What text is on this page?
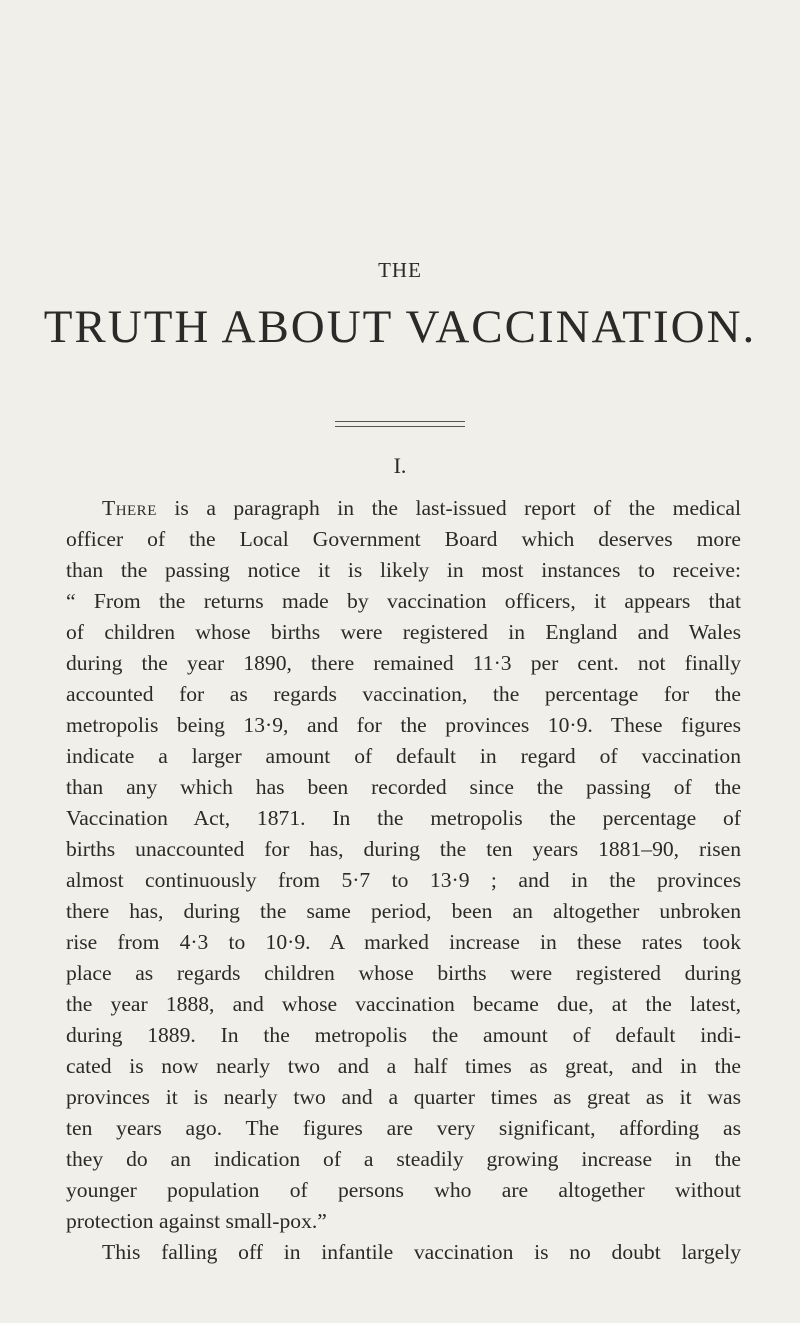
THE
TRUTH ABOUT VACCINATION.
I.
There is a paragraph in the last-issued report of the medical
officer of the Local Government Board which deserves more
than the passing notice it is likely in most instances to receive:
“ From the returns made by vaccination officers, it appears that
of children whose births were registered in England and Wales
during the year 1890, there remained 11·3 per cent. not finally
accounted for as regards vaccination, the percentage for the
metropolis being 13·9, and for the provinces 10·9. These figures
indicate a larger amount of default in regard of vaccination
than any which has been recorded since the passing of the
Vaccination Act, 1871. In the metropolis the percentage of
births unaccounted for has, during the ten years 1881–90, risen
almost continuously from 5·7 to 13·9 ; and in the provinces
there has, during the same period, been an altogether unbroken
rise from 4·3 to 10·9. A marked increase in these rates took
place as regards children whose births were registered during
the year 1888, and whose vaccination became due, at the latest,
during 1889. In the metropolis the amount of default indi-
cated is now nearly two and a half times as great, and in the
provinces it is nearly two and a quarter times as great as it was
ten years ago. The figures are very significant, affording as
they do an indication of a steadily growing increase in the
younger population of persons who are altogether without
protection against small-pox.”
This falling off in infantile vaccination is no doubt largely
